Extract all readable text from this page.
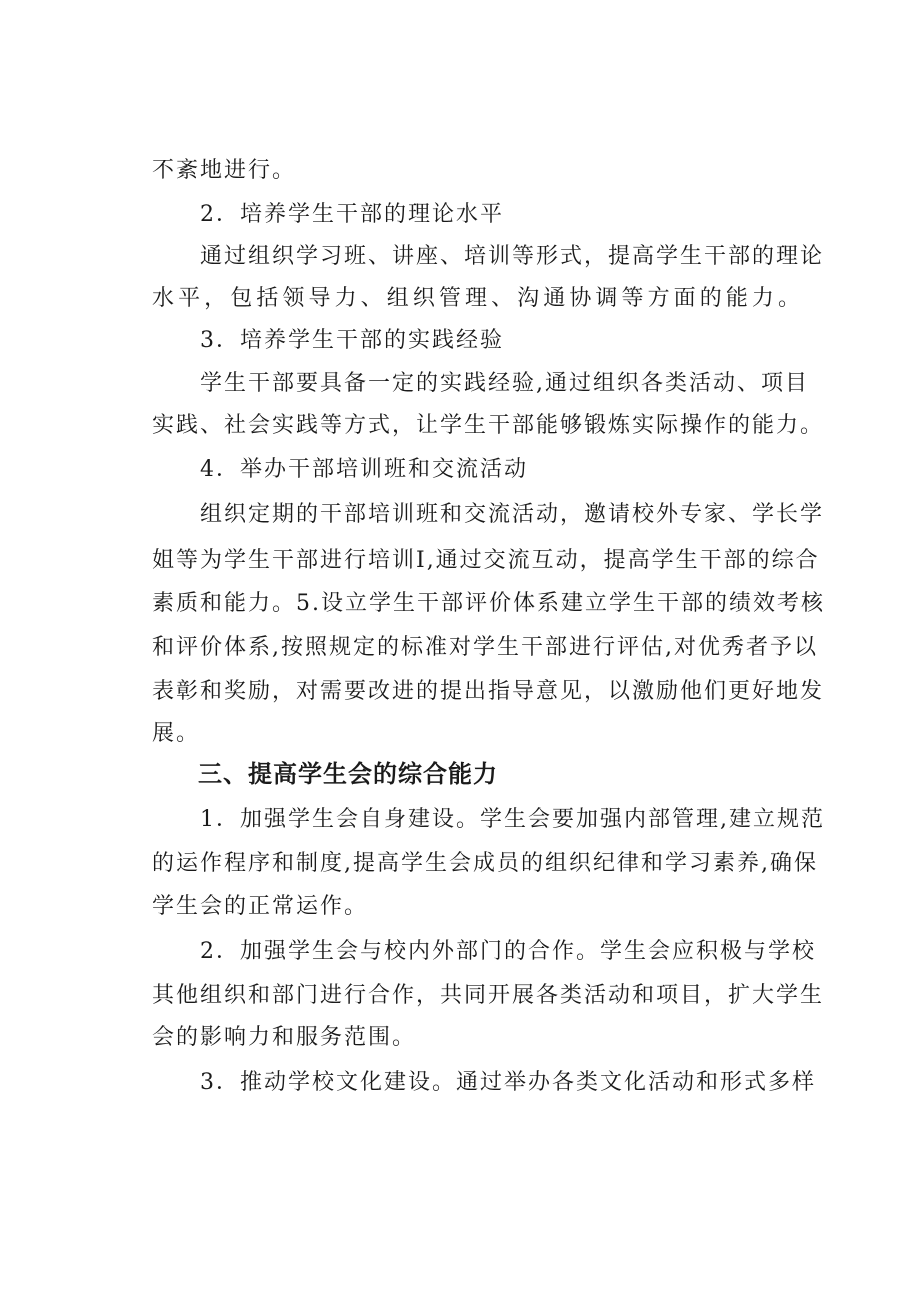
不紊地进行。
2．培养学生干部的理论水平
通过组织学习班、讲座、培训等形式，提高学生干部的理论
水平，包括领导力、组织管理、沟通协调等方面的能力。
3．培养学生干部的实践经验
学生干部要具备一定的实践经验,通过组织各类活动、项目
实践、社会实践等方式，让学生干部能够锻炼实际操作的能力。
4．举办干部培训班和交流活动
组织定期的干部培训班和交流活动，邀请校外专家、学长学
姐等为学生干部进行培训I,通过交流互动，提高学生干部的综合
素质和能力。5.设立学生干部评价体系建立学生干部的绩效考核
和评价体系,按照规定的标准对学生干部进行评估,对优秀者予以
表彰和奖励，对需要改进的提出指导意见，以激励他们更好地发
展。
三、提高学生会的综合能力
1．加强学生会自身建设。学生会要加强内部管理,建立规范
的运作程序和制度,提高学生会成员的组织纪律和学习素养,确保
学生会的正常运作。
2．加强学生会与校内外部门的合作。学生会应积极与学校
其他组织和部门进行合作，共同开展各类活动和项目，扩大学生
会的影响力和服务范围。
3．推动学校文化建设。通过举办各类文化活动和形式多样
